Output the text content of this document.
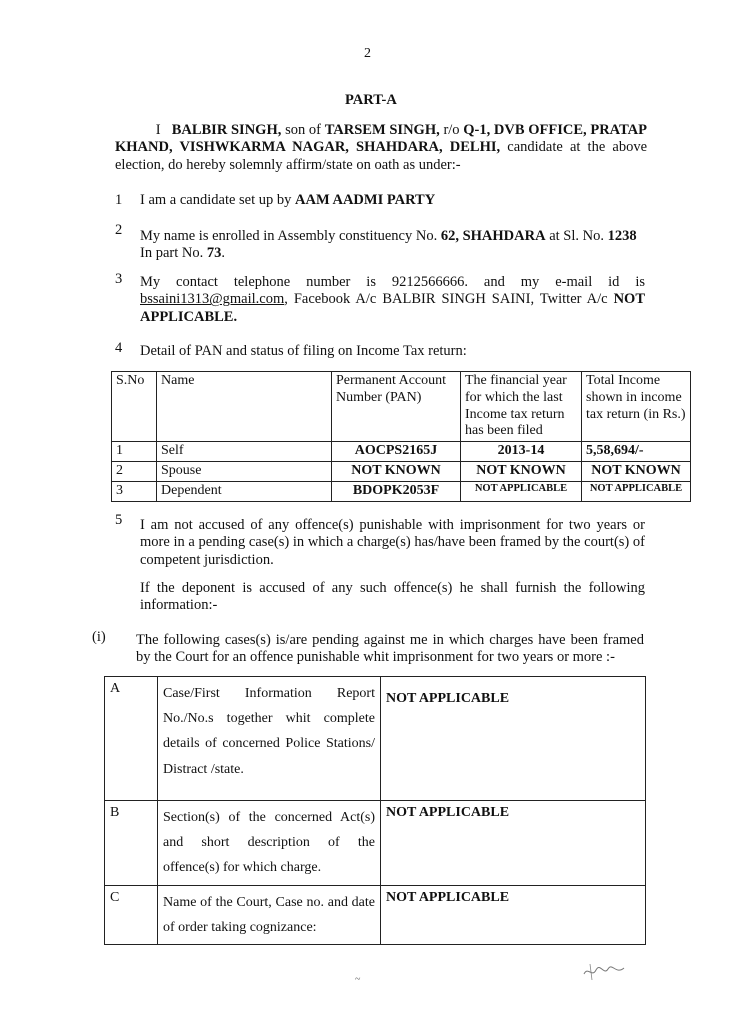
2
PART-A
I BALBIR SINGH, son of TARSEM SINGH, r/o Q-1, DVB OFFICE, PRATAP KHAND, VISHWKARMA NAGAR, SHAHDARA, DELHI, candidate at the above election, do hereby solemnly affirm/state on oath as under:-
1 I am a candidate set up by AAM AADMI PARTY
2 My name is enrolled in Assembly constituency No. 62, SHAHDARA at Sl. No. 1238
In part No. 73.
3 My contact telephone number is 9212566666. and my e-mail id is bssaini1313@gmail.com, Facebook A/c BALBIR SINGH SAINI, Twitter A/c NOT APPLICABLE.
4 Detail of PAN and status of filing on Income Tax return:
S.No	Name	Permanent Account Number (PAN)	The financial year for which the last Income tax return has been filed	Total Income shown in income tax return (in Rs.)
1	Self	AOCPS2165J	2013-14	5,58,694/-
2	Spouse	NOT KNOWN	NOT KNOWN	NOT KNOWN
3	Dependent	BDOPK2053F	NOT APPLICABLE	NOT APPLICABLE
5 I am not accused of any offence(s) punishable with imprisonment for two years or more in a pending case(s) in which a charge(s) has/have been framed by the court(s) of competent jurisdiction.
If the deponent is accused of any such offence(s) he shall furnish the following information:-
(i) The following cases(s) is/are pending against me in which charges have been framed by the Court for an offence punishable whit imprisonment for two years or more :-
A	Case/First Information Report No./No.s together whit complete details of concerned Police Stations/ Distract /state.	NOT APPLICABLE
B	Section(s) of the concerned Act(s) and short description of the offence(s) for which charge.	NOT APPLICABLE
C	Name of the Court, Case no. and date of order taking cognizance:	NOT APPLICABLE
~
